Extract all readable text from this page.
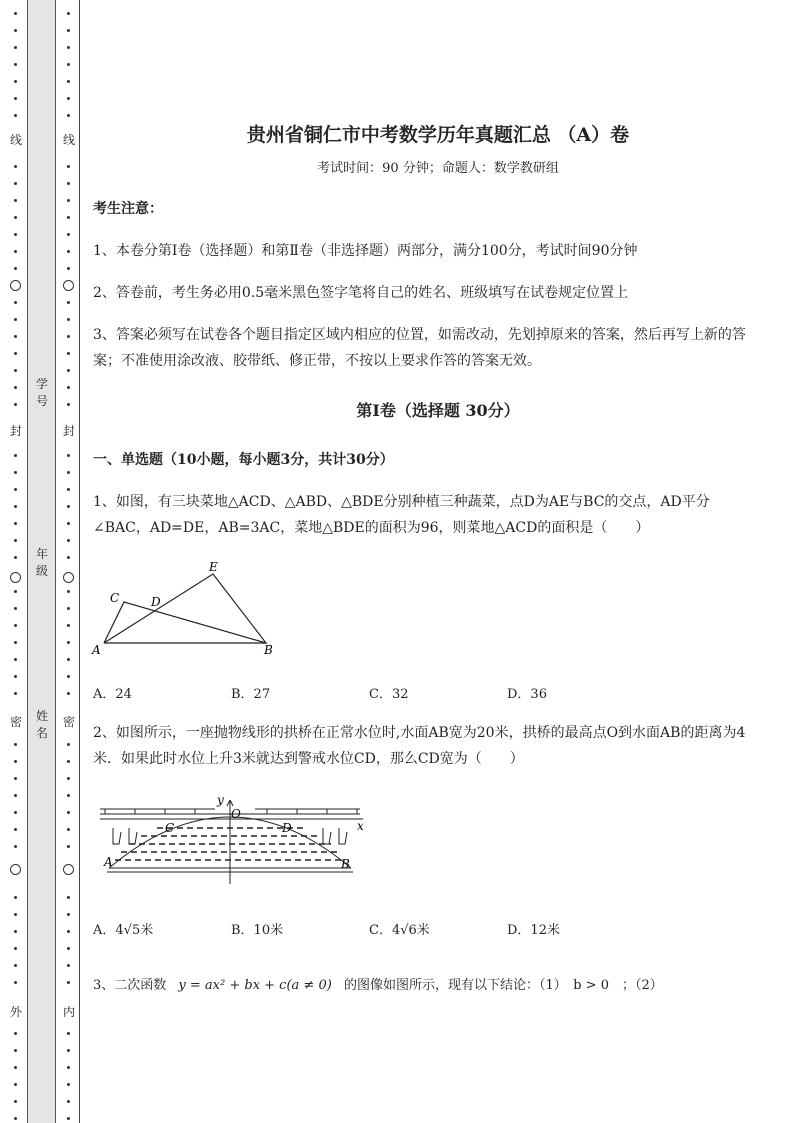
线
封
密
外
学号
年级
姓名
线
封
密
内
贵州省铜仁市中考数学历年真题汇总 （A）卷
考试时间：90 分钟；命题人：数学教研组
考生注意：
1、本卷分第Ⅰ卷（选择题）和第Ⅱ卷（非选择题）两部分，满分100分，考试时间90分钟
2、答卷前，考生务必用0.5毫米黑色签字笔将自己的姓名、班级填写在试卷规定位置上
3、答案必须写在试卷各个题目指定区域内相应的位置，如需改动，先划掉原来的答案，然后再写上新的答案；不准使用涂改液、胶带纸、修正带，不按以上要求作答的答案无效。
第Ⅰ卷（选择题 30分）
一、单选题（10小题，每小题3分，共计30分）
1、如图，有三块菜地△ACD、△ABD、△BDE分别种植三种蔬菜，点D为AE与BC的交点，AD平分∠BAC，AD=DE，AB=3AC，菜地△BDE的面积为96，则菜地△ACD的面积是（　　）
A	B
C	D
E
A．24	B．27	C．32	D．36
2、如图所示，一座抛物线形的拱桥在正常水位时,水面AB宽为20米，拱桥的最高点O到水面AB的距离为4米．如果此时水位上升3米就达到警戒水位CD，那么CD宽为（　　）
y
O
x
C	D
A	B
A．4√5米	B．10米	C．4√6米	D．12米
3、二次函数 y = ax² + bx + c(a ≠ 0) 的图像如图所示，现有以下结论：（1）　b > 0　；（2）
